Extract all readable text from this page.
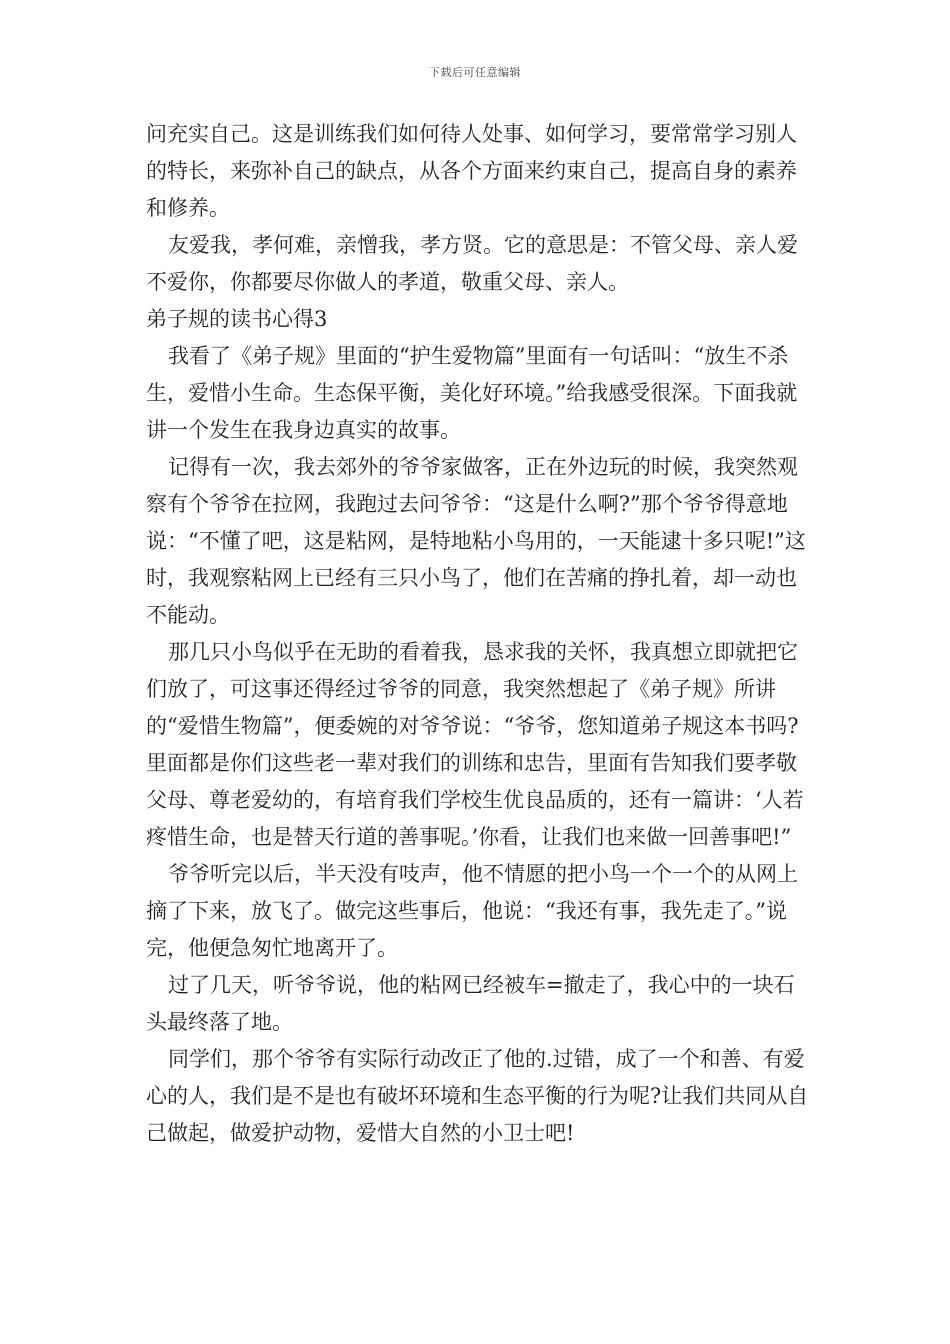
下载后可任意编辑

问充实自己。这是训练我们如何待人处事、如何学习，要常常学习别人的特长，来弥补自己的缺点，从各个方面来约束自己，提高自身的素养和修养。

友爱我，孝何难，亲憎我，孝方贤。它的意思是：不管父母、亲人爱不爱你，你都要尽你做人的孝道，敬重父母、亲人。

弟子规的读书心得3

我看了《弟子规》里面的“护生爱物篇”里面有一句话叫：“放生不杀生，爱惜小生命。生态保平衡，美化好环境。”给我感受很深。下面我就讲一个发生在我身边真实的故事。

记得有一次，我去郊外的爷爷家做客，正在外边玩的时候，我突然观察有个爷爷在拉网，我跑过去问爷爷：“这是什么啊?”那个爷爷得意地说：“不懂了吧，这是粘网，是特地粘小鸟用的，一天能逮十多只呢!”这时，我观察粘网上已经有三只小鸟了，他们在苦痛的挣扎着，却一动也不能动。

那几只小鸟似乎在无助的看着我，恳求我的关怀，我真想立即就把它们放了，可这事还得经过爷爷的同意，我突然想起了《弟子规》所讲的“爱惜生物篇”，便委婉的对爷爷说：“爷爷，您知道弟子规这本书吗?里面都是你们这些老一辈对我们的训练和忠告，里面有告知我们要孝敬父母、尊老爱幼的，有培育我们学校生优良品质的，还有一篇讲：‘人若疼惜生命，也是替天行道的善事呢。’你看，让我们也来做一回善事吧!”

爷爷听完以后，半天没有吱声，他不情愿的把小鸟一个一个的从网上摘了下来，放飞了。做完这些事后，他说：“我还有事，我先走了。”说完，他便急匆忙地离开了。

过了几天，听爷爷说，他的粘网已经被车=撤走了，我心中的一块石头最终落了地。

同学们，那个爷爷有实际行动改正了他的.过错，成了一个和善、有爱心的人，我们是不是也有破坏环境和生态平衡的行为呢?让我们共同从自己做起，做爱护动物，爱惜大自然的小卫士吧!
